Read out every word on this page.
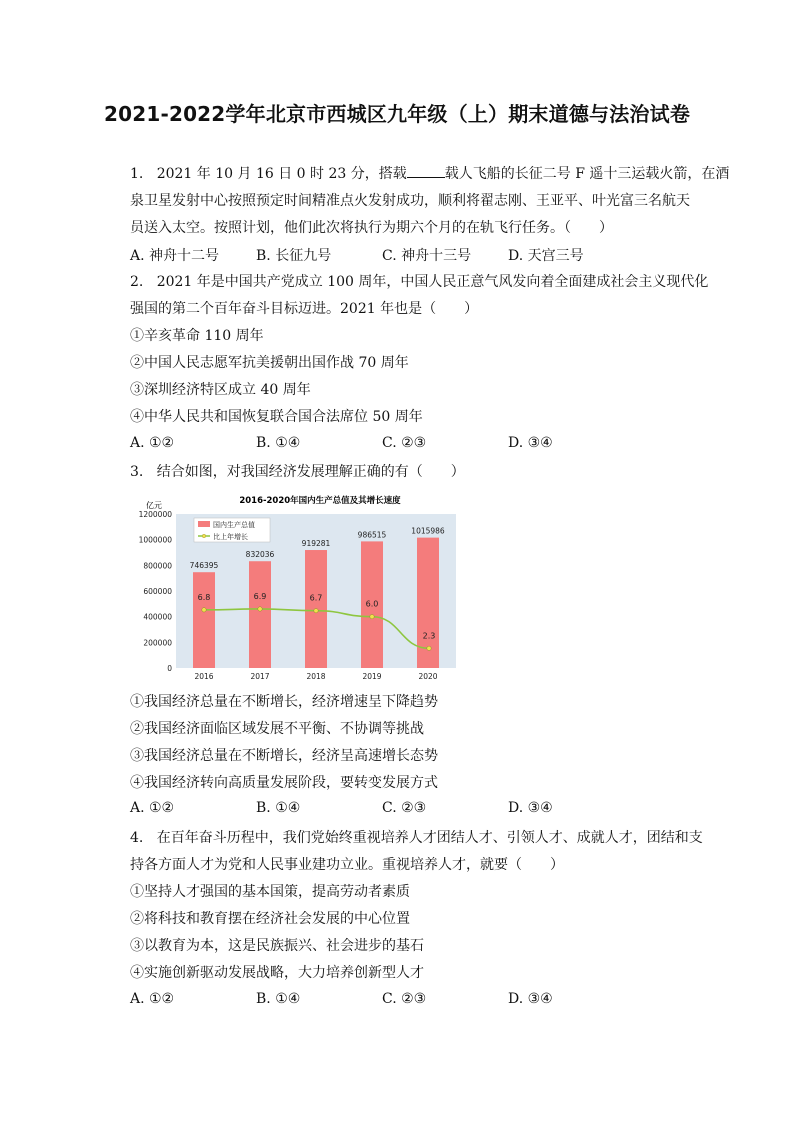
2021-2022学年北京市西城区九年级（上）期末道德与法治试卷
1.   2021 年 10 月 16 日 0 时 23 分，搭载	载人飞船的长征二号 F 遥十三运载火箭，在酒
泉卫星发射中心按照预定时间精准点火发射成功，顺利将翟志刚、王亚平、叶光富三名航天
员送入太空。按照计划，他们此次将执行为期六个月的在轨飞行任务。（　　）
A. 神舟十二号	B. 长征九号	C. 神舟十三号	D. 天宫三号
2.   2021 年是中国共产党成立 100 周年，中国人民正意气风发向着全面建成社会主义现代化
强国的第二个百年奋斗目标迈进。2021 年也是（　　）
①辛亥革命 110 周年
②中国人民志愿军抗美援朝出国作战 70 周年
③深圳经济特区成立 40 周年
④中华人民共和国恢复联合国合法席位 50 周年
A. ①②	B. ①④	C. ②③	D. ③④
3.   结合如图，对我国经济发展理解正确的有（　　）
2016-2020年国内生产总值及其增长速度
亿元
0
200000
400000
600000
800000
1000000
1200000
746395
832036
919281
986515	1015986
6.8	6.9	6.7
6.0
2.3
2016	2017	2018	2019	2020
国内生产总值
比上年增长
①我国经济总量在不断增长，经济增速呈下降趋势
②我国经济面临区域发展不平衡、不协调等挑战
③我国经济总量在不断增长，经济呈高速增长态势
④我国经济转向高质量发展阶段，要转变发展方式
A. ①②	B. ①④	C. ②③	D. ③④
4.   在百年奋斗历程中，我们党始终重视培养人才团结人才、引领人才、成就人才，团结和支
持各方面人才为党和人民事业建功立业。重视培养人才，就要（　　）
①坚持人才强国的基本国策，提高劳动者素质
②将科技和教育摆在经济社会发展的中心位置
③以教育为本，这是民族振兴、社会进步的基石
④实施创新驱动发展战略，大力培养创新型人才
A. ①②	B. ①④	C. ②③	D. ③④
